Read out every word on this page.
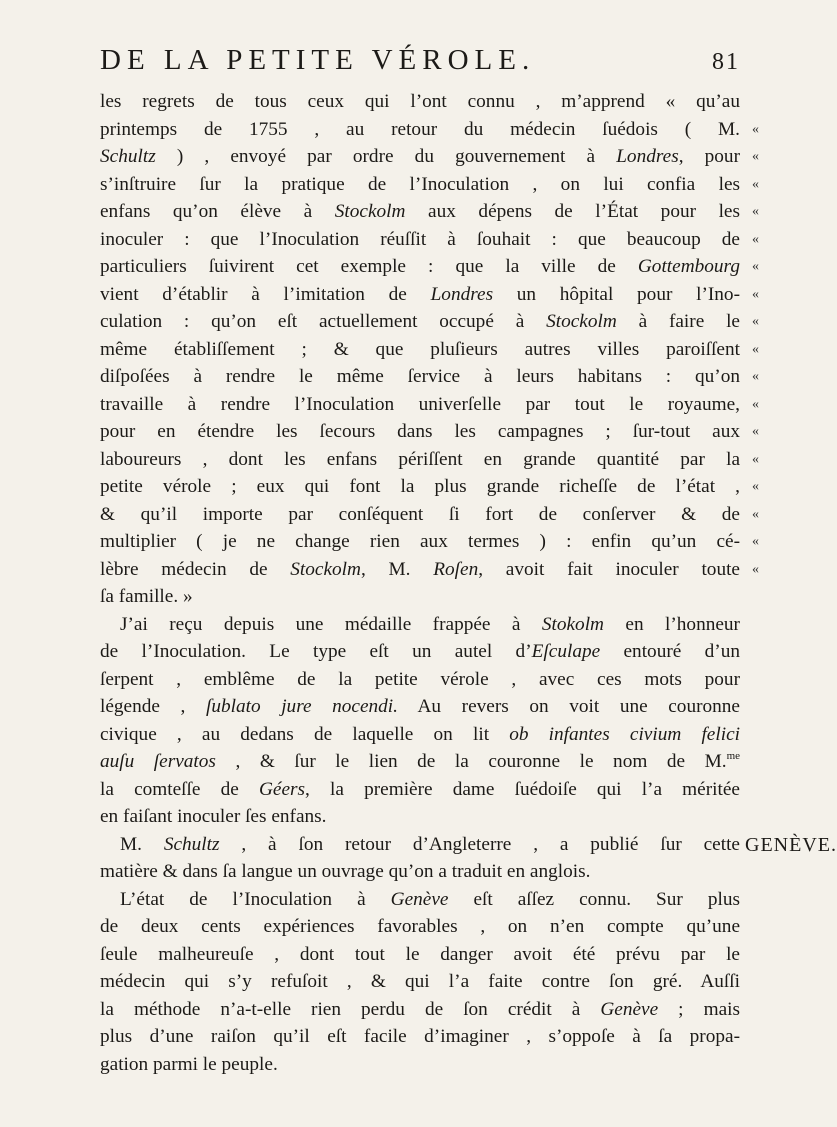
DE LA PETITE VÉROLE.	81
les regrets de tous ceux qui l’ont connu , m’apprend « qu’au
printemps de 1755 , au retour du médecin ſuédois ( M.
Schultz ) , envoyé par ordre du gouvernement à Londres, pour
s’inſtruire ſur la pratique de l’Inoculation , on lui confia les
enfans qu’on élève à Stockolm aux dépens de l’État pour les
inoculer : que l’Inoculation réuſſit à ſouhait : que beaucoup de
particuliers ſuivirent cet exemple : que la ville de Gottembourg
vient d’établir à l’imitation de Londres un hôpital pour l’Ino-
culation : qu’on eſt actuellement occupé à Stockolm à faire le
même établiſſement ; & que pluſieurs autres villes paroiſſent
diſpoſées à rendre le même ſervice à leurs habitans : qu’on
travaille à rendre l’Inoculation univerſelle par tout le royaume,
pour en étendre les ſecours dans les campagnes ; ſur-tout aux
laboureurs , dont les enfans périſſent en grande quantité par la
petite vérole ; eux qui font la plus grande richeſſe de l’état ,
& qu’il importe par conſéquent ſi fort de conſerver & de
multiplier ( je ne change rien aux termes ) : enfin qu’un cé-
lèbre médecin de Stockolm, M. Roſen, avoit fait inoculer toute
ſa famille. »
J’ai reçu depuis une médaille frappée à Stokolm en l’honneur
de l’Inoculation. Le type eſt un autel d’Eſculape entouré d’un
ſerpent , emblême de la petite vérole , avec ces mots pour
légende , ſublato jure nocendi. Au revers on voit une couronne
civique , au dedans de laquelle on lit ob infantes civium felici
auſu ſervatos , & ſur le lien de la couronne le nom de M.$^{me}$
la comteſſe de Géers, la première dame ſuédoiſe qui l’a méritée
en faiſant inoculer ſes enfans.
M. Schultz , à ſon retour d’Angleterre , a publié ſur cette
matière & dans ſa langue un ouvrage qu’on a traduit en anglois.
L’état de l’Inoculation à Genève eſt aſſez connu. Sur plus
de deux cents expériences favorables , on n’en compte qu’une
ſeule malheureuſe , dont tout le danger avoit été prévu par le
médecin qui s’y refuſoit , & qui l’a faite contre ſon gré. Auſſi
la méthode n’a-t-elle rien perdu de ſon crédit à Genève ; mais
plus d’une raiſon qu’il eſt facile d’imaginer , s’oppoſe à ſa propa-
gation parmi le peuple.
«
«
«
«
«
«
«
«
«
«
«
«
«
«
«
«
«
GENÈVE.
